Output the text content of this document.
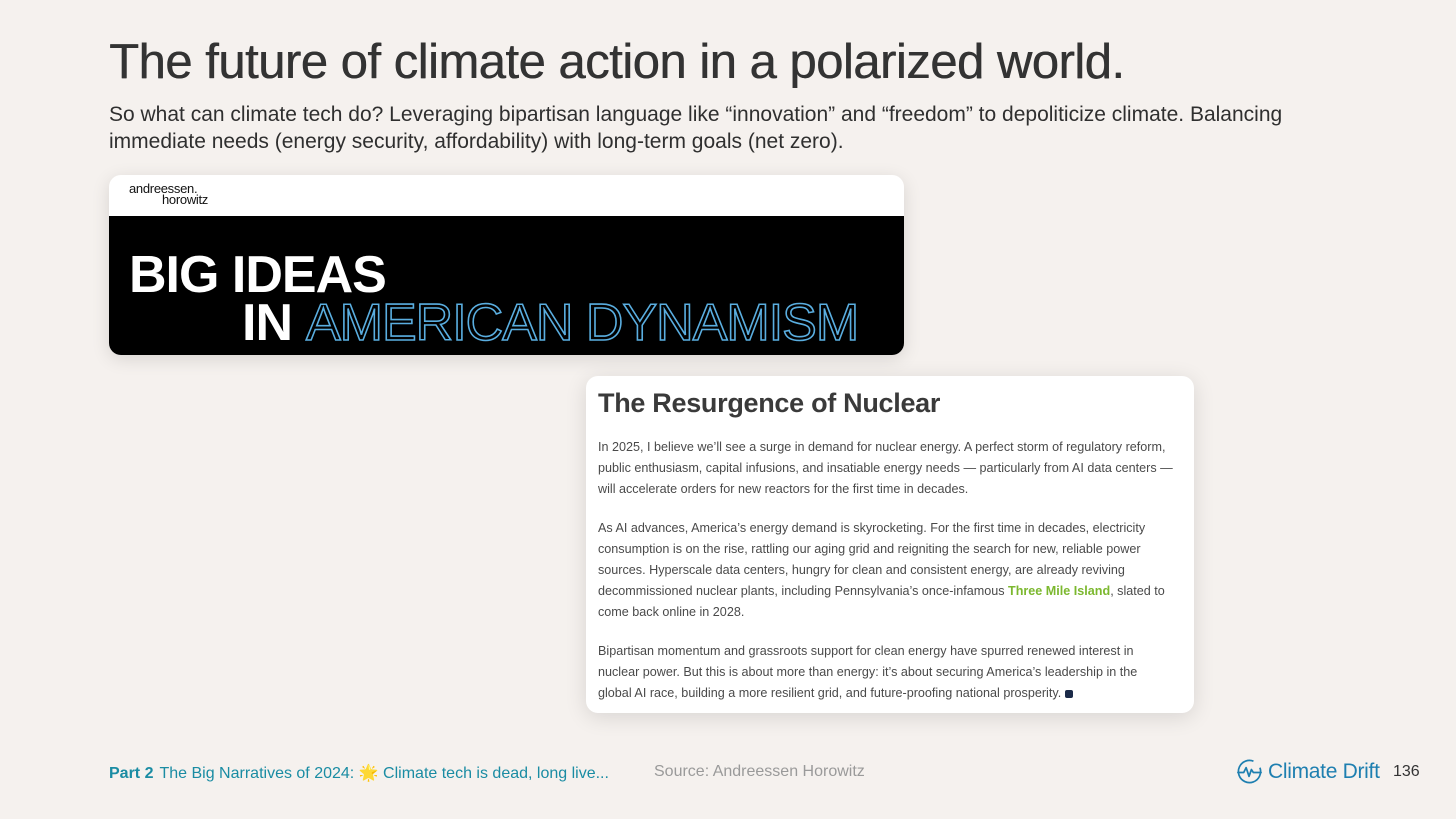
The future of climate action in a polarized world.

So what can climate tech do? Leveraging bipartisan language like “innovation” and “freedom” to depoliticize climate. Balancing immediate needs (energy security, affordability) with long-term goals (net zero).

andreessen.
horowitz
BIG IDEAS
IN AMERICAN DYNAMISM
The Resurgence of Nuclear

In 2025, I believe we’ll see a surge in demand for nuclear energy. A perfect storm of regulatory reform, public enthusiasm, capital infusions, and insatiable energy needs — particularly from AI data centers — will accelerate orders for new reactors for the first time in decades.

As AI advances, America’s energy demand is skyrocketing. For the first time in decades, electricity consumption is on the rise, rattling our aging grid and reigniting the search for new, reliable power sources. Hyperscale data centers, hungry for clean and consistent energy, are already reviving decommissioned nuclear plants, including Pennsylvania’s once-infamous Three Mile Island, slated to come back online in 2028.

Bipartisan momentum and grassroots support for clean energy have spurred renewed interest in nuclear power. But this is about more than energy: it’s about securing America’s leadership in the global AI race, building a more resilient grid, and future-proofing national prosperity.

Part 2 The Big Narratives of 2024: 🌟 Climate tech is dead, long live...	Source: Andreessen Horowitz	Climate Drift 136
